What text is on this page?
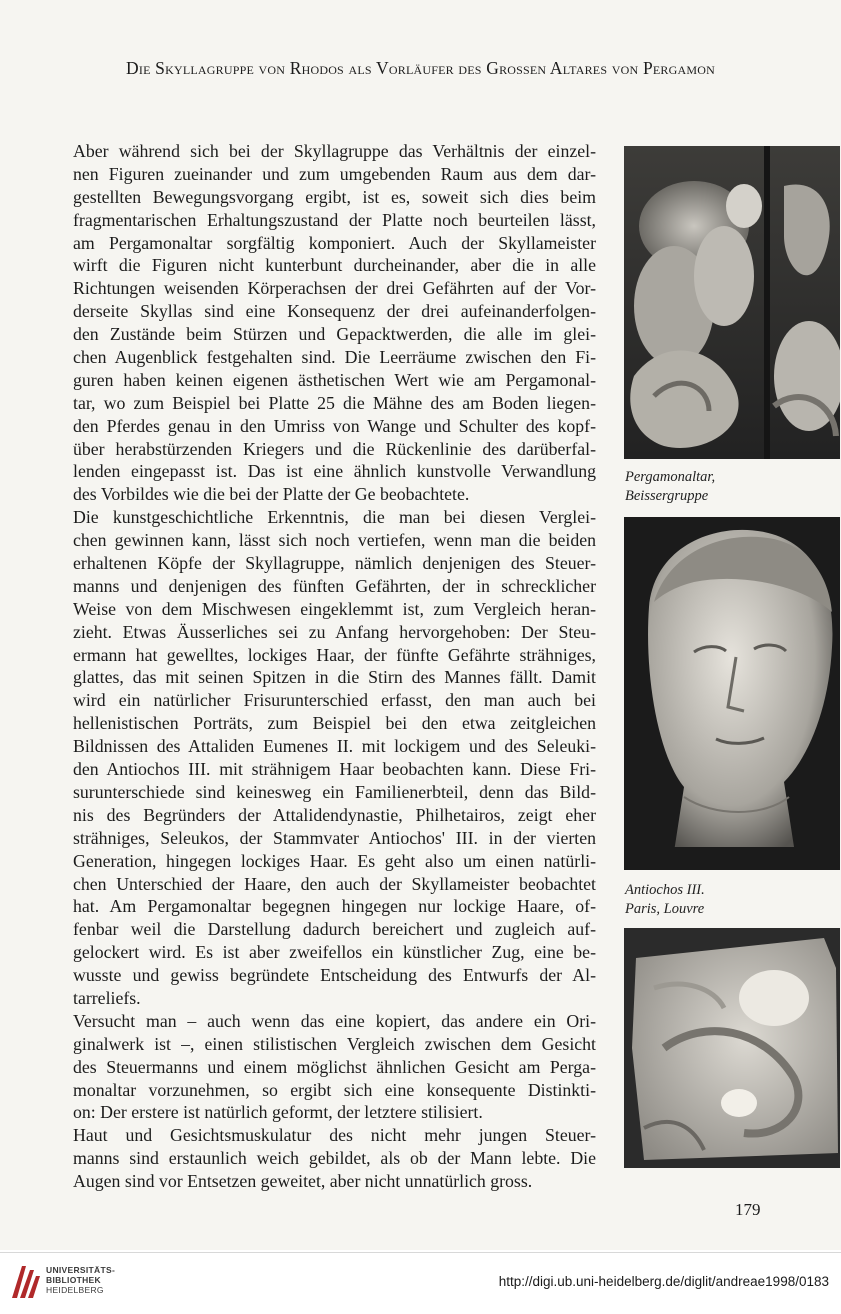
Die Skyllagruppe von Rhodos als Vorläufer des Grossen Altares von Pergamon

Aber während sich bei der Skyllagruppe das Verhältnis der einzel-
nen Figuren zueinander und zum umgebenden Raum aus dem dar-
gestellten Bewegungsvorgang ergibt, ist es, soweit sich dies beim
fragmentarischen Erhaltungszustand der Platte noch beurteilen lässt,
am Pergamonaltar sorgfältig komponiert. Auch der Skyllameister
wirft die Figuren nicht kunterbunt durcheinander, aber die in alle
Richtungen weisenden Körperachsen der drei Gefährten auf der Vor-
derseite Skyllas sind eine Konsequenz der drei aufeinanderfolgen-
den Zustände beim Stürzen und Gepacktwerden, die alle im glei-
chen Augenblick festgehalten sind. Die Leerräume zwischen den Fi-
guren haben keinen eigenen ästhetischen Wert wie am Pergamonal-
tar, wo zum Beispiel bei Platte 25 die Mähne des am Boden liegen-
den Pferdes genau in den Umriss von Wange und Schulter des kopf-
über herabstürzenden Kriegers und die Rückenlinie des darüberfal-
lenden eingepasst ist. Das ist eine ähnlich kunstvolle Verwandlung
des Vorbildes wie die bei der Platte der Ge beobachtete.

Die kunstgeschichtliche Erkenntnis, die man bei diesen Verglei-
chen gewinnen kann, lässt sich noch vertiefen, wenn man die beiden
erhaltenen Köpfe der Skyllagruppe, nämlich denjenigen des Steuer-
manns und denjenigen des fünften Gefährten, der in schrecklicher
Weise von dem Mischwesen eingeklemmt ist, zum Vergleich heran-
zieht. Etwas Äusserliches sei zu Anfang hervorgehoben: Der Steu-
ermann hat gewelltes, lockiges Haar, der fünfte Gefährte strähniges,
glattes, das mit seinen Spitzen in die Stirn des Mannes fällt. Damit
wird ein natürlicher Frisurunterschied erfasst, den man auch bei
hellenistischen Porträts, zum Beispiel bei den etwa zeitgleichen
Bildnissen des Attaliden Eumenes II. mit lockigem und des Seleuki-
den Antiochos III. mit strähnigem Haar beobachten kann. Diese Fri-
surunterschiede sind keinesweg ein Familienerbteil, denn das Bild-
nis des Begründers der Attalidendynastie, Philhetairos, zeigt eher
strähniges, Seleukos, der Stammvater Antiochos' III. in der vierten
Generation, hingegen lockiges Haar. Es geht also um einen natürli-
chen Unterschied der Haare, den auch der Skyllameister beobachtet
hat. Am Pergamonaltar begegnen hingegen nur lockige Haare, of-
fenbar weil die Darstellung dadurch bereichert und zugleich auf-
gelockert wird. Es ist aber zweifellos ein künstlicher Zug, eine be-
wusste und gewiss begründete Entscheidung des Entwurfs der Al-
tarreliefs.

Versucht man – auch wenn das eine kopiert, das andere ein Ori-
ginalwerk ist –, einen stilistischen Vergleich zwischen dem Gesicht
des Steuermanns und einem möglichst ähnlichen Gesicht am Perga-
monaltar vorzunehmen, so ergibt sich eine konsequente Distinkti-
on: Der erstere ist natürlich geformt, der letztere stilisiert.

Haut und Gesichtsmuskulatur des nicht mehr jungen Steuer-
manns sind erstaunlich weich gebildet, als ob der Mann lebte. Die
Augen sind vor Entsetzen geweitet, aber nicht unnatürlich gross.

Pergamonaltar,
Beissergruppe
Antiochos III.
Paris, Louvre
179
UNIVERSITÄTS-
BIBLIOTHEK
HEIDELBERG
http://digi.ub.uni-heidelberg.de/diglit/andreae1998/0183
